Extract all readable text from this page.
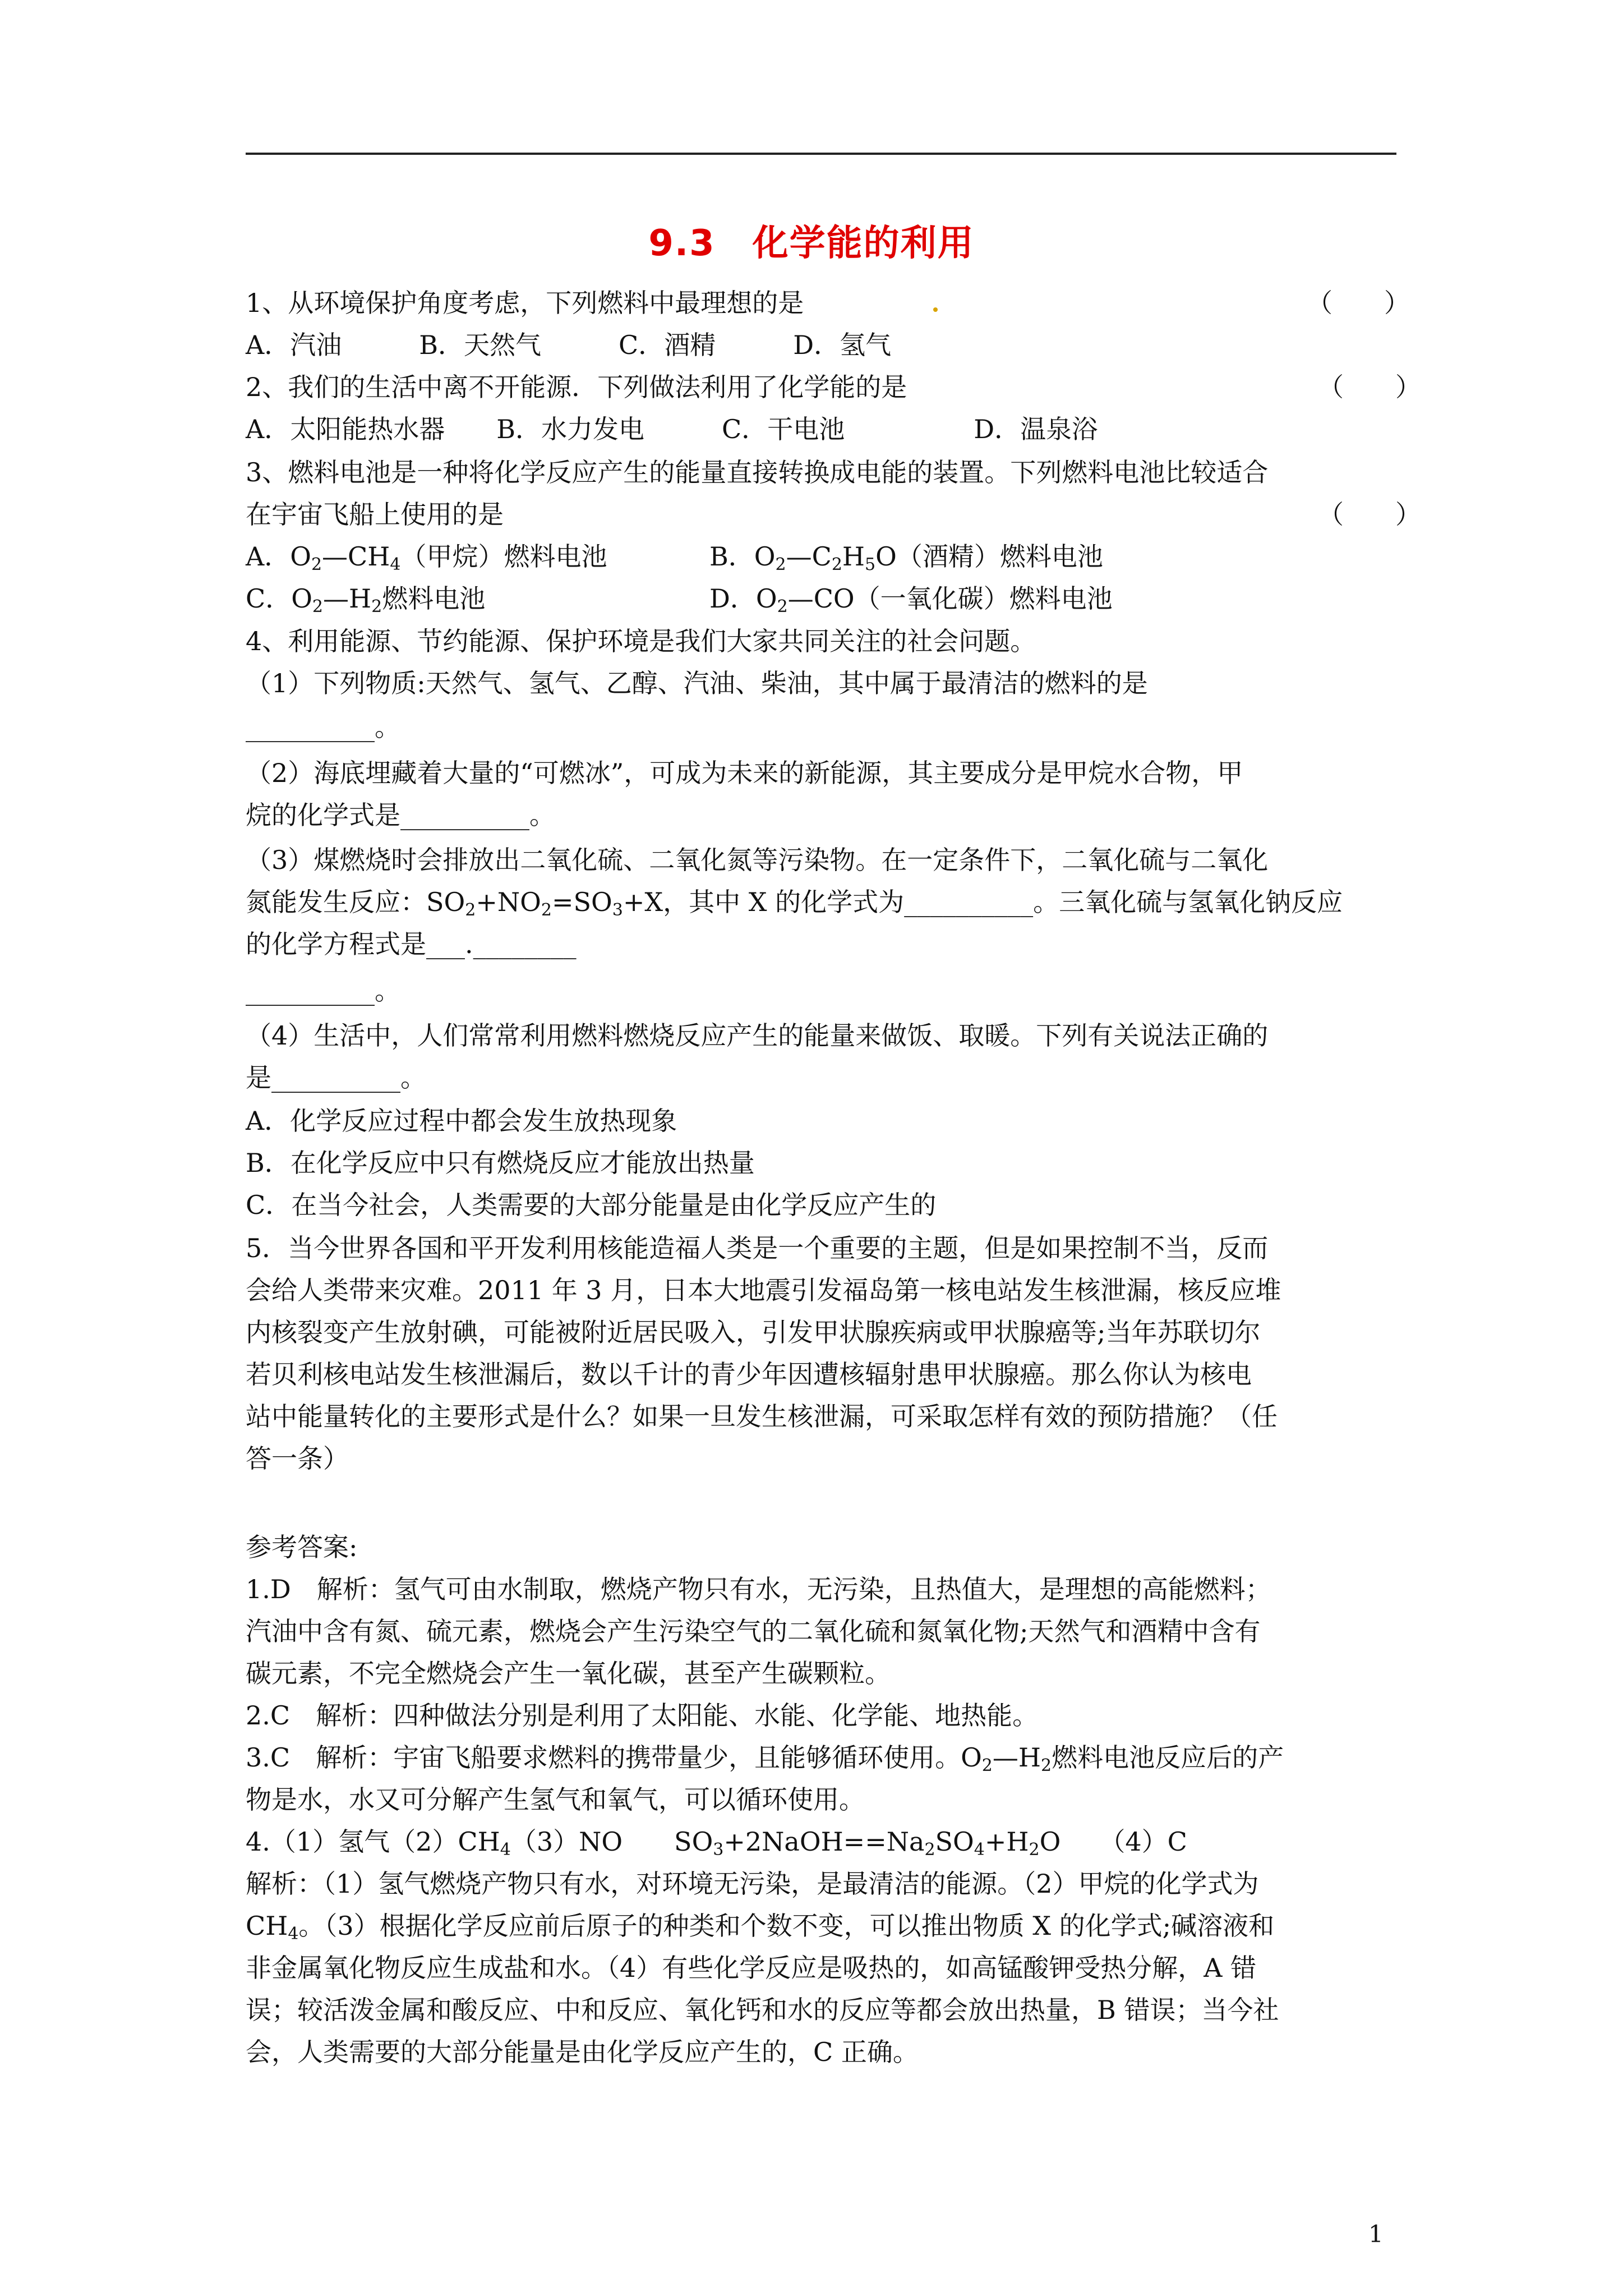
9.3　化学能的利用
1、从环境保护角度考虑，下列燃料中最理想的是　　　　　	（　　）
A．汽油　　　B．天然气　　　C．酒精　　　D．氢气
2、我们的生活中离不开能源．下列做法利用了化学能的是	（　　）
A．太阳能热水器　　B．水力发电　　　C．干电池　　　　　D．温泉浴
3、燃料电池是一种将化学反应产生的能量直接转换成电能的装置。下列燃料电池比较适合
在宇宙飞船上使用的是	（　　）
A．$O_2—CH_4$（甲烷）燃料电池	B．$O_2—C_2H_5O$（酒精）燃料电池
C．$O_2—H_2$燃料电池	D．$O_2—CO$（一氧化碳）燃料电池
4、利用能源、节约能源、保护环境是我们大家共同关注的社会问题。
（1）下列物质:天然气、氢气、乙醇、汽油、柴油，其中属于最清洁的燃料的是
__________。
（2）海底埋藏着大量的“可燃冰”，可成为未来的新能源，其主要成分是甲烷水合物，甲
烷的化学式是__________。
（3）煤燃烧时会排放出二氧化硫、二氧化氮等污染物。在一定条件下，二氧化硫与二氧化
氮能发生反应：$SO_2+NO_2=SO_3+X$，其中 X 的化学式为__________。三氧化硫与氢氧化钠反应
的化学方程式是___.________
__________。
（4）生活中，人们常常利用燃料燃烧反应产生的能量来做饭、取暖。下列有关说法正确的
是__________。
A．化学反应过程中都会发生放热现象
B．在化学反应中只有燃烧反应才能放出热量
C．在当今社会，人类需要的大部分能量是由化学反应产生的
5．当今世界各国和平开发利用核能造福人类是一个重要的主题，但是如果控制不当，反而
会给人类带来灾难。2011 年 3 月，日本大地震引发福岛第一核电站发生核泄漏，核反应堆
内核裂变产生放射碘，可能被附近居民吸入，引发甲状腺疾病或甲状腺癌等;当年苏联切尔
若贝利核电站发生核泄漏后，数以千计的青少年因遭核辐射患甲状腺癌。那么你认为核电
站中能量转化的主要形式是什么？如果一旦发生核泄漏，可采取怎样有效的预防措施？（任
答一条）
参考答案:
1.D　解析：氢气可由水制取，燃烧产物只有水，无污染，且热值大，是理想的高能燃料；
汽油中含有氮、硫元素，燃烧会产生污染空气的二氧化硫和氮氧化物;天然气和酒精中含有
碳元素，不完全燃烧会产生一氧化碳，甚至产生碳颗粒。
2.C　解析：四种做法分别是利用了太阳能、水能、化学能、地热能。
3.C　解析：宇宙飞船要求燃料的携带量少，且能够循环使用。$O_2—H_2$燃料电池反应后的产
物是水，水又可分解产生氢气和氧气，可以循环使用。
4.（1）氢气$(2)CH_4(3)NO$　　$SO_3+2NaOH==Na_2SO_4+H_2O$　　（4）C
解析：（1）氢气燃烧产物只有水，对环境无污染，是最清洁的能源。（2）甲烷的化学式为
$CH_4$。（3）根据化学反应前后原子的种类和个数不变，可以推出物质 X 的化学式;碱溶液和
非金属氧化物反应生成盐和水。（4）有些化学反应是吸热的，如高锰酸钾受热分解，A 错
误；较活泼金属和酸反应、中和反应、氧化钙和水的反应等都会放出热量，B 错误；当今社
会，人类需要的大部分能量是由化学反应产生的，C 正确。
1
